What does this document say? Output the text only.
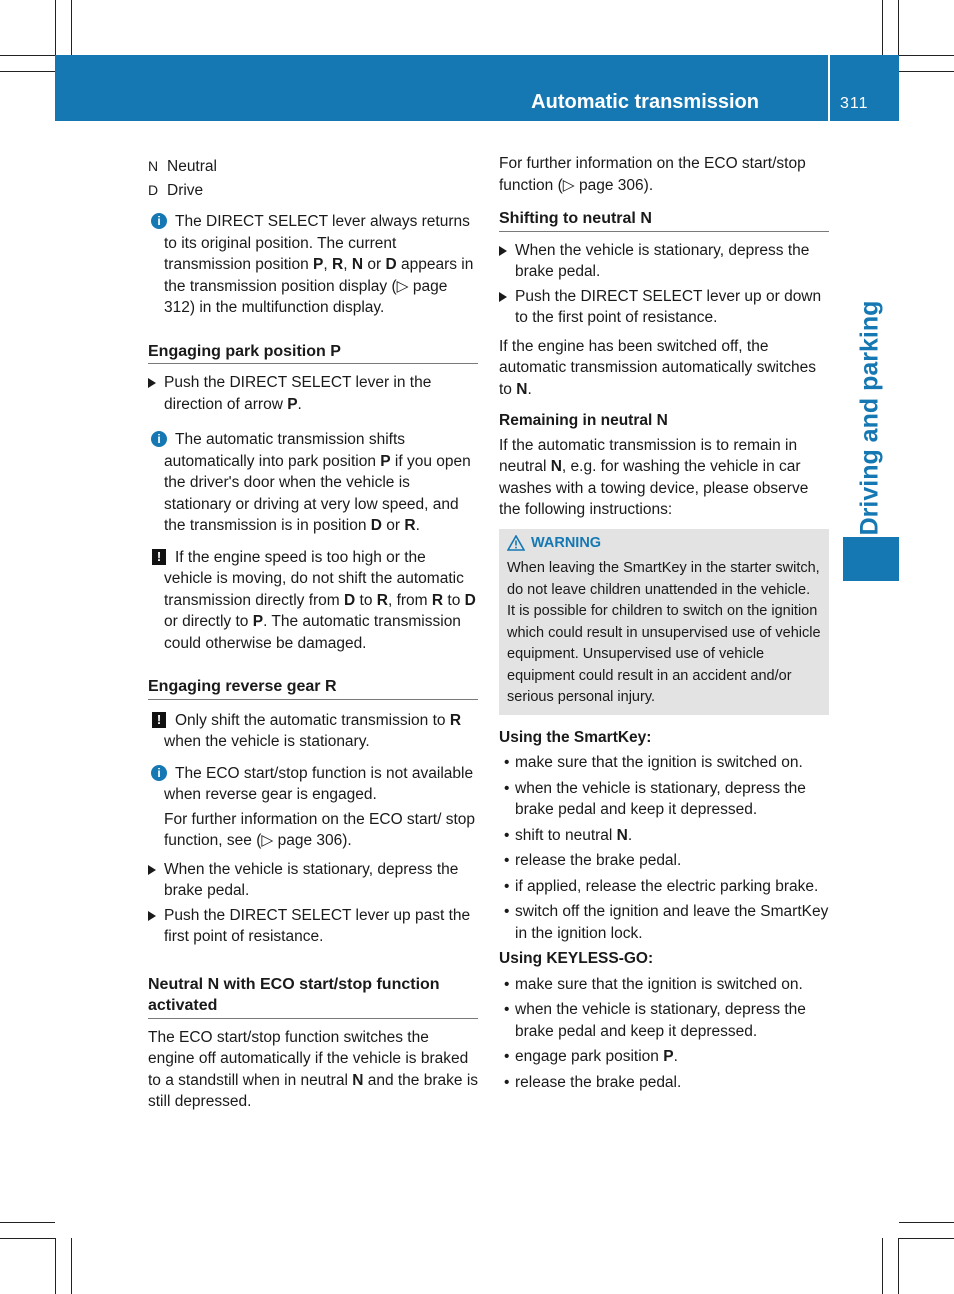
Automatic transmission	311
Driving and parking
N Neutral
D Drive
i The DIRECT SELECT lever always returns to its original position. The current transmission position P, R, N or D appears in the transmission position display (▷ page 312) in the multifunction display.

Engaging park position P

Push the DIRECT SELECT lever in the direction of arrow P.

i The automatic transmission shifts automatically into park position P if you open the driver's door when the vehicle is stationary or driving at very low speed, and the transmission is in position D or R.

! If the engine speed is too high or the vehicle is moving, do not shift the automatic transmission directly from D to R, from R to D or directly to P. The automatic transmission could otherwise be damaged.

Engaging reverse gear R
! Only shift the automatic transmission to R when the vehicle is stationary.

i The ECO start/stop function is not available when reverse gear is engaged.

For further information on the ECO start/ stop function, see (▷ page 306).

When the vehicle is stationary, depress the brake pedal.

Push the DIRECT SELECT lever up past the first point of resistance.

Neutral N with ECO start/stop function activated

The ECO start/stop function switches the engine off automatically if the vehicle is braked to a standstill when in neutral N and the brake is still depressed.

For further information on the ECO start/stop function (▷ page 306).

Shifting to neutral N

When the vehicle is stationary, depress the brake pedal.

Push the DIRECT SELECT lever up or down to the first point of resistance.

If the engine has been switched off, the automatic transmission automatically switches to N.

Remaining in neutral N

If the automatic transmission is to remain in neutral N, e.g. for washing the vehicle in car washes with a towing device, please observe the following instructions:

WARNING

When leaving the SmartKey in the starter switch, do not leave children unattended in the vehicle. It is possible for children to switch on the ignition which could result in unsupervised use of vehicle equipment. Unsupervised use of vehicle equipment could result in an accident and/or serious personal injury.

Using the SmartKey:
• make sure that the ignition is switched on.

• when the vehicle is stationary, depress the brake pedal and keep it depressed.

• shift to neutral N.

• release the brake pedal.

• if applied, release the electric parking brake.

• switch off the ignition and leave the SmartKey in the ignition lock.

Using KEYLESS-GO:
• make sure that the ignition is switched on.

• when the vehicle is stationary, depress the brake pedal and keep it depressed.

• engage park position P.

• release the brake pedal.
